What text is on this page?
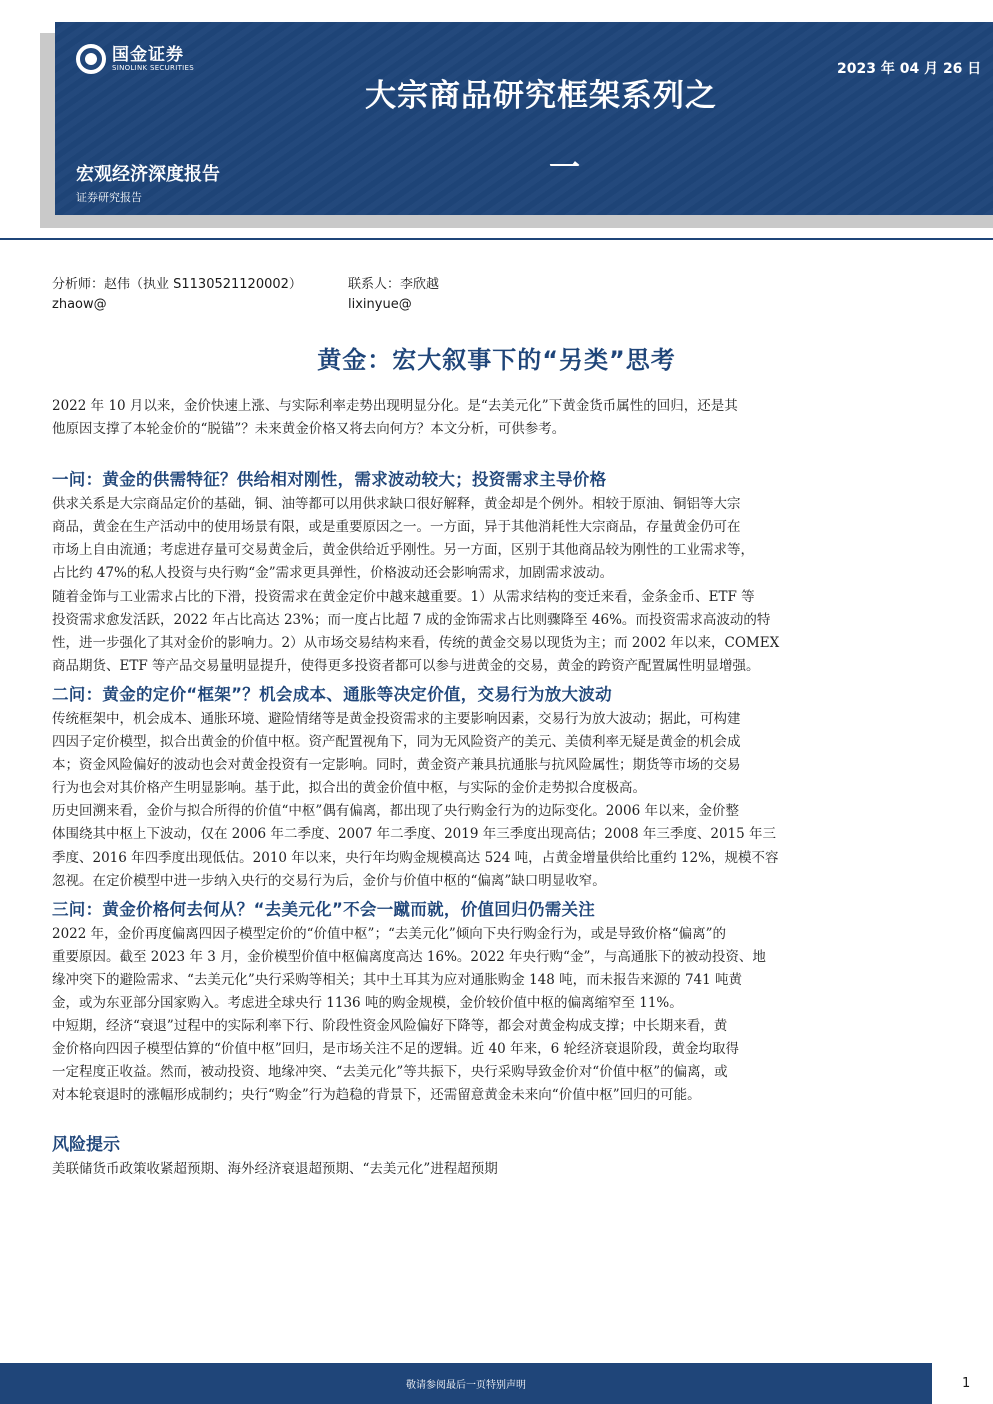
国金证券
SINOLINK SECURITIES
大宗商品研究框架系列之
一
2023 年 04 月 26 日
宏观经济深度报告
证券研究报告
分析师：赵伟（执业 S1130521120002）
zhaow@
联系人：李欣越
lixinyue@
黄金：宏大叙事下的“另类”思考

2022 年 10 月以来，金价快速上涨、与实际利率走势出现明显分化。是“去美元化”下黄金货币属性的回归，还是其
他原因支撑了本轮金价的“脱锚”？未来黄金价格又将去向何方？本文分析，可供参考。

一问：黄金的供需特征？供给相对刚性，需求波动较大；投资需求主导价格

供求关系是大宗商品定价的基础，铜、油等都可以用供求缺口很好解释，黄金却是个例外。相较于原油、铜铝等大宗
商品，黄金在生产活动中的使用场景有限，或是重要原因之一。一方面，异于其他消耗性大宗商品，存量黄金仍可在
市场上自由流通；考虑进存量可交易黄金后，黄金供给近乎刚性。另一方面，区别于其他商品较为刚性的工业需求等，
占比约 47%的私人投资与央行购“金”需求更具弹性，价格波动还会影响需求，加剧需求波动。

随着金饰与工业需求占比的下滑，投资需求在黄金定价中越来越重要。1）从需求结构的变迁来看，金条金币、ETF 等
投资需求愈发活跃，2022 年占比高达 23%；而一度占比超 7 成的金饰需求占比则骤降至 46%。而投资需求高波动的特
性，进一步强化了其对金价的影响力。2）从市场交易结构来看，传统的黄金交易以现货为主；而 2002 年以来，COMEX
商品期货、ETF 等产品交易量明显提升，使得更多投资者都可以参与进黄金的交易，黄金的跨资产配置属性明显增强。

二问：黄金的定价“框架”？机会成本、通胀等决定价值，交易行为放大波动

传统框架中，机会成本、通胀环境、避险情绪等是黄金投资需求的主要影响因素，交易行为放大波动；据此，可构建
四因子定价模型，拟合出黄金的价值中枢。资产配置视角下，同为无风险资产的美元、美债利率无疑是黄金的机会成
本；资金风险偏好的波动也会对黄金投资有一定影响。同时，黄金资产兼具抗通胀与抗风险属性；期货等市场的交易
行为也会对其价格产生明显影响。基于此，拟合出的黄金价值中枢，与实际的金价走势拟合度极高。

历史回溯来看，金价与拟合所得的价值“中枢”偶有偏离，都出现了央行购金行为的边际变化。2006 年以来，金价整
体围绕其中枢上下波动，仅在 2006 年二季度、2007 年二季度、2019 年三季度出现高估；2008 年三季度、2015 年三
季度、2016 年四季度出现低估。2010 年以来，央行年均购金规模高达 524 吨，占黄金增量供给比重约 12%，规模不容
忽视。在定价模型中进一步纳入央行的交易行为后，金价与价值中枢的“偏离”缺口明显收窄。

三问：黄金价格何去何从？“去美元化”不会一蹴而就，价值回归仍需关注

2022 年，金价再度偏离四因子模型定价的“价值中枢”；“去美元化”倾向下央行购金行为，或是导致价格“偏离”的
重要原因。截至 2023 年 3 月，金价模型价值中枢偏离度高达 16%。2022 年央行购“金”，与高通胀下的被动投资、地
缘冲突下的避险需求、“去美元化”央行采购等相关；其中土耳其为应对通胀购金 148 吨，而未报告来源的 741 吨黄
金，或为东亚部分国家购入。考虑进全球央行 1136 吨的购金规模，金价较价值中枢的偏离缩窄至 11%。

中短期，经济“衰退”过程中的实际利率下行、阶段性资金风险偏好下降等，都会对黄金构成支撑；中长期来看，黄
金价格向四因子模型估算的“价值中枢”回归，是市场关注不足的逻辑。近 40 年来，6 轮经济衰退阶段，黄金均取得
一定程度正收益。然而，被动投资、地缘冲突、“去美元化”等共振下，央行采购导致金价对“价值中枢”的偏离，或
对本轮衰退时的涨幅形成制约；央行“购金”行为趋稳的背景下，还需留意黄金未来向“价值中枢”回归的可能。

风险提示
美联储货币政策收紧超预期、海外经济衰退超预期、“去美元化”进程超预期
敬请参阅最后一页特别声明	1
